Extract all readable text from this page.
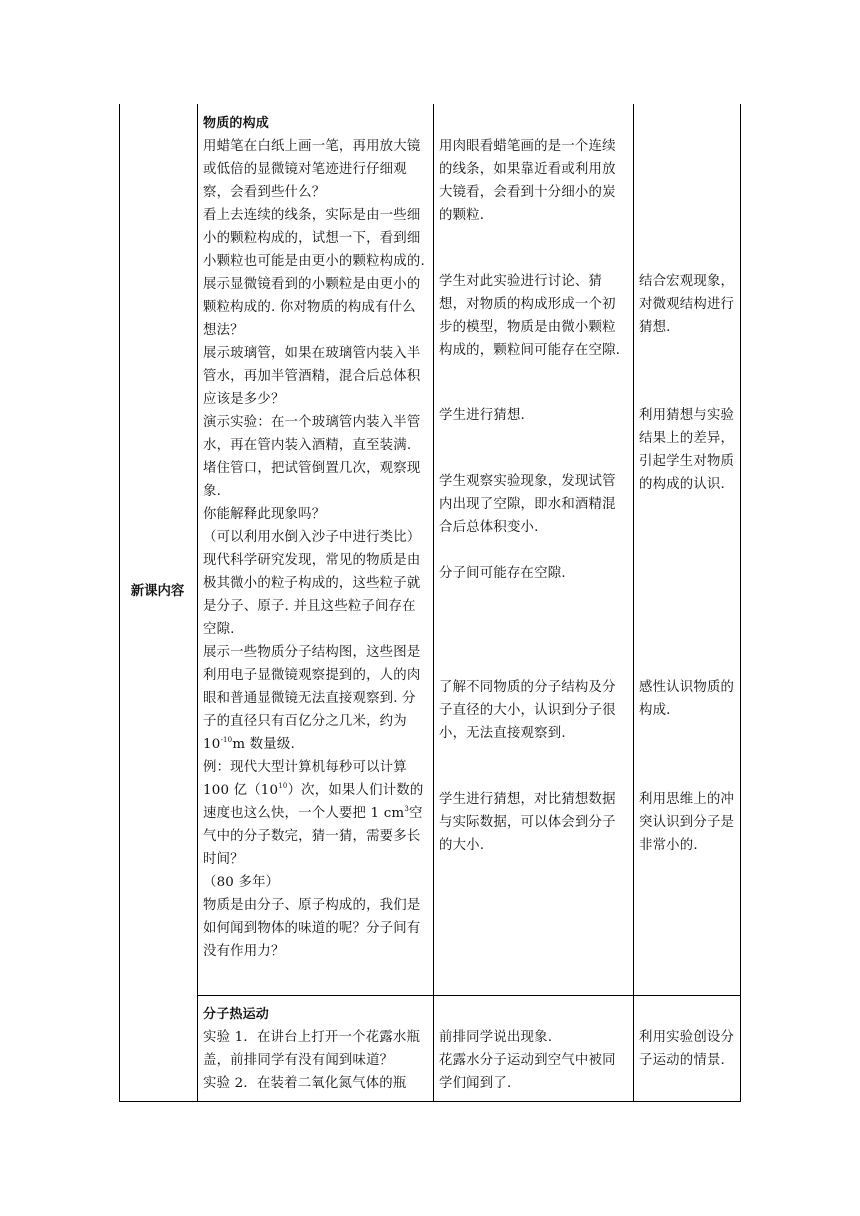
新课内容

物质的构成

用蜡笔在白纸上画一笔，再用放大镜或低倍的显微镜对笔迹进行仔细观察，会看到些什么？

看上去连续的线条，实际是由一些细小的颗粒构成的，试想一下，看到细小颗粒也可能是由更小的颗粒构成的.

展示显微镜看到的小颗粒是由更小的颗粒构成的. 你对物质的构成有什么想法？

展示玻璃管，如果在玻璃管内装入半管水，再加半管酒精，混合后总体积应该是多少？

演示实验：在一个玻璃管内装入半管水，再在管内装入酒精，直至装满. 堵住管口，把试管倒置几次，观察现象.

你能解释此现象吗？

（可以利用水倒入沙子中进行类比）

现代科学研究发现，常见的物质是由极其微小的粒子构成的，这些粒子就是分子、原子. 并且这些粒子间存在空隙.

展示一些物质分子结构图，这些图是利用电子显微镜观察提到的，人的肉眼和普通显微镜无法直接观察到. 分子的直径只有百亿分之几米，约为 $10^{-10}m$ 数量级.

例：现代大型计算机每秒可以计算100 亿$(10^{10})$次，如果人们计数的速度也这么快，一个人要把 1 $cm^3$空气中的分子数完，猜一猜，需要多长时间？

（80 多年）

物质是由分子、原子构成的，我们是如何闻到物体的味道的呢？分子间有没有作用力？

用肉眼看蜡笔画的是一个连续的线条，如果靠近看或利用放大镜看，会看到十分细小的炭的颗粒.

学生对此实验进行讨论、猜想，对物质的构成形成一个初步的模型，物质是由微小颗粒构成的，颗粒间可能存在空隙.

学生进行猜想.

学生观察实验现象，发现试管内出现了空隙，即水和酒精混合后总体积变小.

分子间可能存在空隙.

了解不同物质的分子结构及分子直径的大小，认识到分子很小，无法直接观察到.

学生进行猜想，对比猜想数据与实际数据，可以体会到分子的大小.

结合宏观现象，对微观结构进行猜想.

利用猜想与实验结果上的差异，引起学生对物质的构成的认识.

感性认识物质的构成.

利用思维上的冲突认识到分子是非常小的.

分子热运动

实验 1．在讲台上打开一个花露水瓶盖，前排同学有没有闻到味道？

实验 2．在装着二氧化氮气体的瓶

前排同学说出现象.

花露水分子运动到空气中被同学们闻到了.

利用实验创设分子运动的情景.
